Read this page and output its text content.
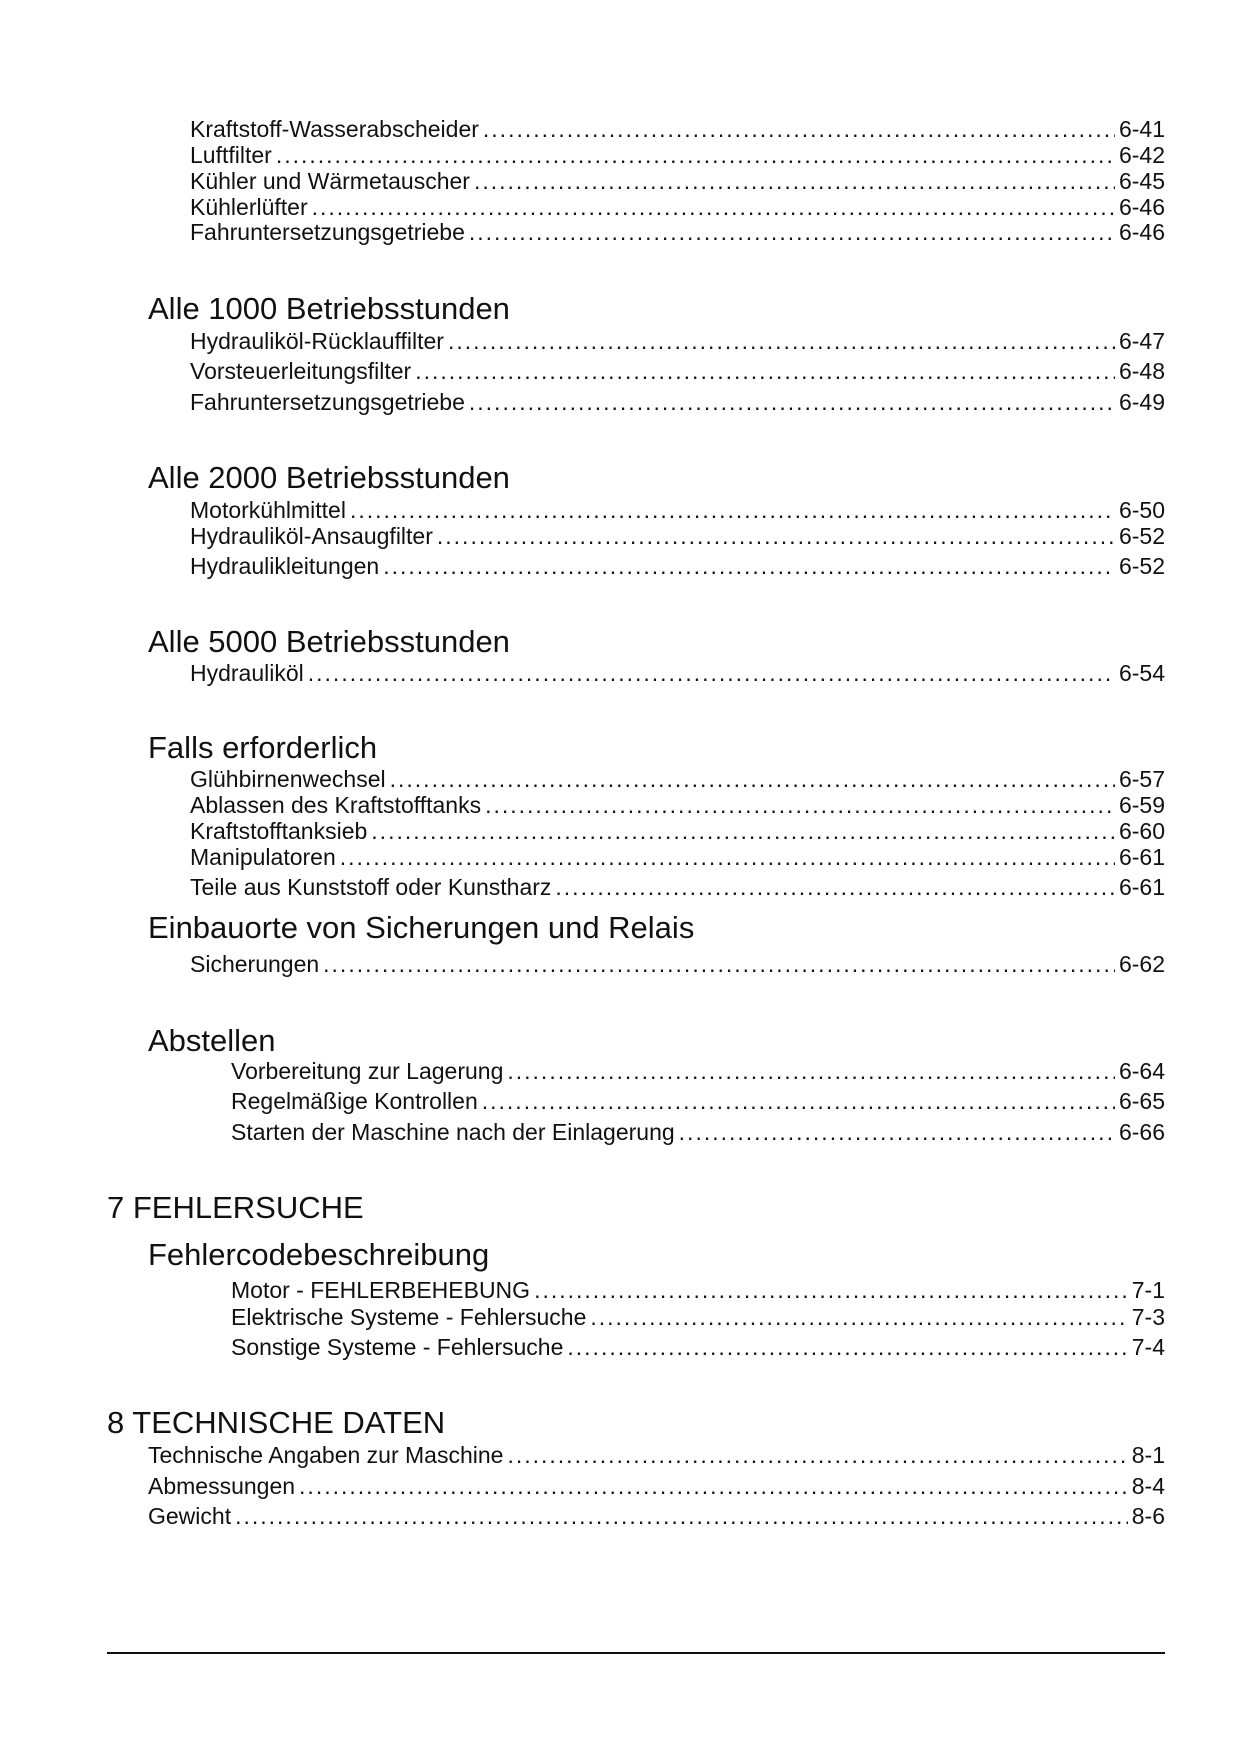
Kraftstoff-Wasserabscheider .....	6-41
Luftfilter .....	6-42
Kühler und Wärmetauscher .....	6-45
Kühlerlüfter .....	6-46
Fahruntersetzungsgetriebe .....	6-46
Alle 1000 Betriebsstunden
Hydrauliköl-Rücklauffilter .....	6-47
Vorsteuerleitungsfilter .....	6-48
Fahruntersetzungsgetriebe .....	6-49
Alle 2000 Betriebsstunden
Motorkühlmittel .....	6-50
Hydrauliköl-Ansaugfilter .....	6-52
Hydraulikleitungen .....	6-52
Alle 5000 Betriebsstunden
Hydrauliköl .....	6-54
Falls erforderlich
Glühbirnenwechsel .....	6-57
Ablassen des Kraftstofftanks .....	6-59
Kraftstofftanksieb .....	6-60
Manipulatoren .....	6-61
Teile aus Kunststoff oder Kunstharz .....	6-61
Einbauorte von Sicherungen und Relais
Sicherungen .....	6-62
Abstellen
Vorbereitung zur Lagerung .....	6-64
Regelmäßige Kontrollen .....	6-65
Starten der Maschine nach der Einlagerung .....	6-66
7 FEHLERSUCHE
Fehlercodebeschreibung
Motor - FEHLERBEHEBUNG .....	7-1
Elektrische Systeme - Fehlersuche .....	7-3
Sonstige Systeme - Fehlersuche .....	7-4
8 TECHNISCHE DATEN
Technische Angaben zur Maschine .....	8-1
Abmessungen .....	8-4
Gewicht .....	8-6
